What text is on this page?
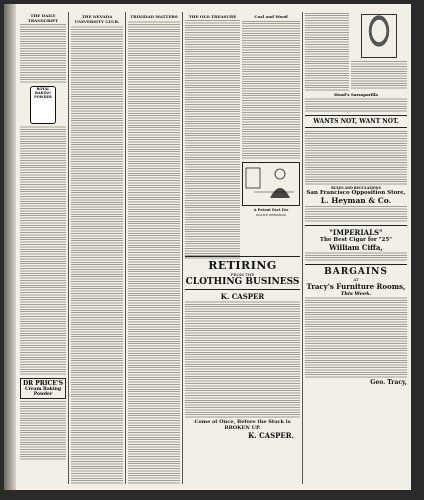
THE DAILY TRANSCRIPT
ROYAL
BAKING
POWDER
DR PRICE'S
Cream Baking
Powder
THE NEVADA UNIVERSITY CLUB.
TRINIDAD MATTERS	THE OLD TREASURE	Coal and Wood
A Potent Fact For
POLITE DEMANDS
RETIRING
FROM THE
CLOTHING BUSINESS
K. CASPER
Come at Once, Before the Stock is
BROKEN UP.
K. CASPER.
Hood's Sarsaparilla
WANTS NOT, WANT NOT.
RULES AND REGULATIONS
San Francisco Opposition Store,
L. Heyman & Co.
"IMPERIALS"
The Best Cigar for "25"
William Ciffa,
BARGAINS
AT
Tracy's Furniture Rooms,
This Week.
Geo. Tracy,
